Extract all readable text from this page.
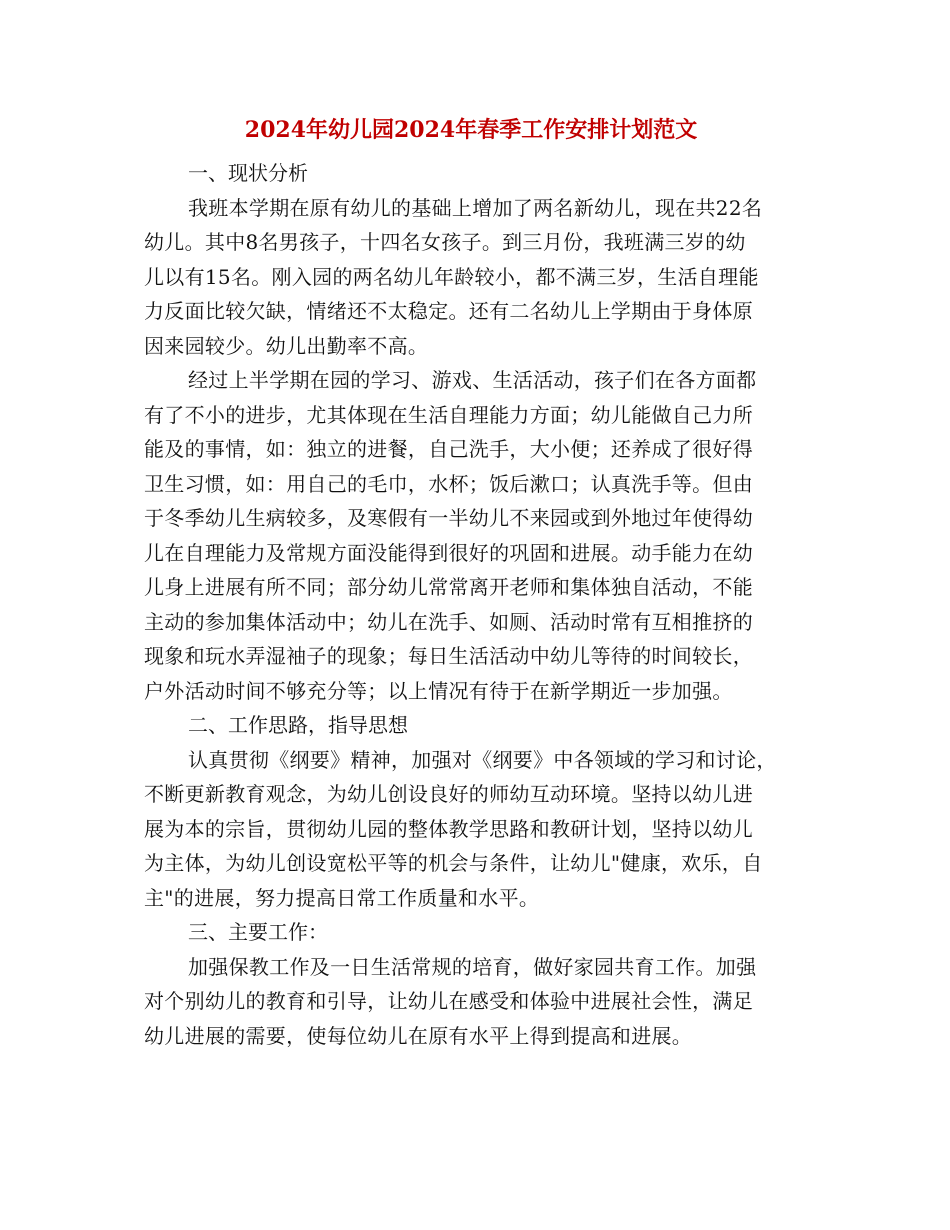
2024年幼儿园2024年春季工作安排计划范文
一、现状分析

我班本学期在原有幼儿的基础上增加了两名新幼儿，现在共22名
幼儿。其中8名男孩子，十四名女孩子。到三月份，我班满三岁的幼
儿以有15名。刚入园的两名幼儿年龄较小，都不满三岁，生活自理能
力反面比较欠缺，情绪还不太稳定。还有二名幼儿上学期由于身体原
因来园较少。幼儿出勤率不高。

经过上半学期在园的学习、游戏、生活活动，孩子们在各方面都
有了不小的进步，尤其体现在生活自理能力方面；幼儿能做自己力所
能及的事情，如：独立的进餐，自己洗手，大小便；还养成了很好得
卫生习惯，如：用自己的毛巾，水杯；饭后漱口；认真洗手等。但由
于冬季幼儿生病较多，及寒假有一半幼儿不来园或到外地过年使得幼
儿在自理能力及常规方面没能得到很好的巩固和进展。动手能力在幼
儿身上进展有所不同；部分幼儿常常离开老师和集体独自活动，不能
主动的参加集体活动中；幼儿在洗手、如厕、活动时常有互相推挤的
现象和玩水弄湿袖子的现象；每日生活活动中幼儿等待的时间较长，
户外活动时间不够充分等；以上情况有待于在新学期近一步加强。

二、工作思路，指导思想

认真贯彻《纲要》精神，加强对《纲要》中各领域的学习和讨论，
不断更新教育观念，为幼儿创设良好的师幼互动环境。坚持以幼儿进
展为本的宗旨，贯彻幼儿园的整体教学思路和教研计划，坚持以幼儿
为主体，为幼儿创设宽松平等的机会与条件，让幼儿"健康，欢乐，自
主"的进展，努力提高日常工作质量和水平。

三、主要工作：

加强保教工作及一日生活常规的培育，做好家园共育工作。加强
对个别幼儿的教育和引导，让幼儿在感受和体验中进展社会性，满足
幼儿进展的需要，使每位幼儿在原有水平上得到提高和进展。
